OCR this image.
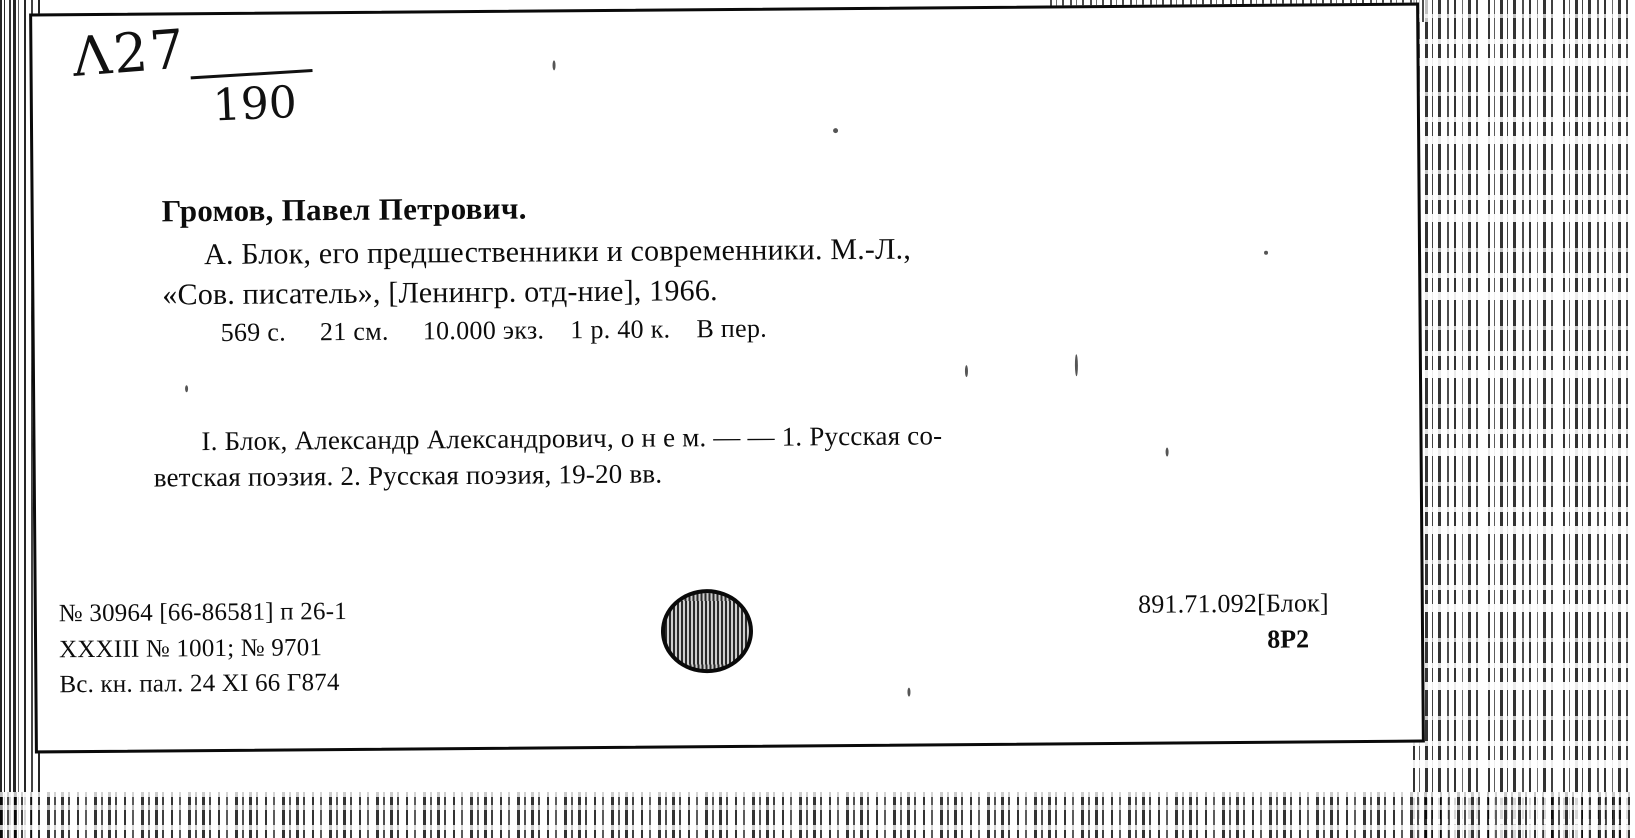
Λ27
190
Громов, Павел Петрович.
А. Блок, его предшественники и современники. М.-Л.,
«Сов. писатель», [Ленингр. отд-ние], 1966.
569 с. 21 см. 10.000 экз. 1 р. 40 к. В пер.
I. Блок, Александр Александрович, о н е м. — — 1. Русская со-
ветская поэзия. 2. Русская поэзия, 19-20 вв.
№ 30964 [66-86581] п 26-1
XXXIII № 1001; № 9701
Вс. кн. пал. 24 XI 66 Г874
891.71.092[Блок]
8Р2
